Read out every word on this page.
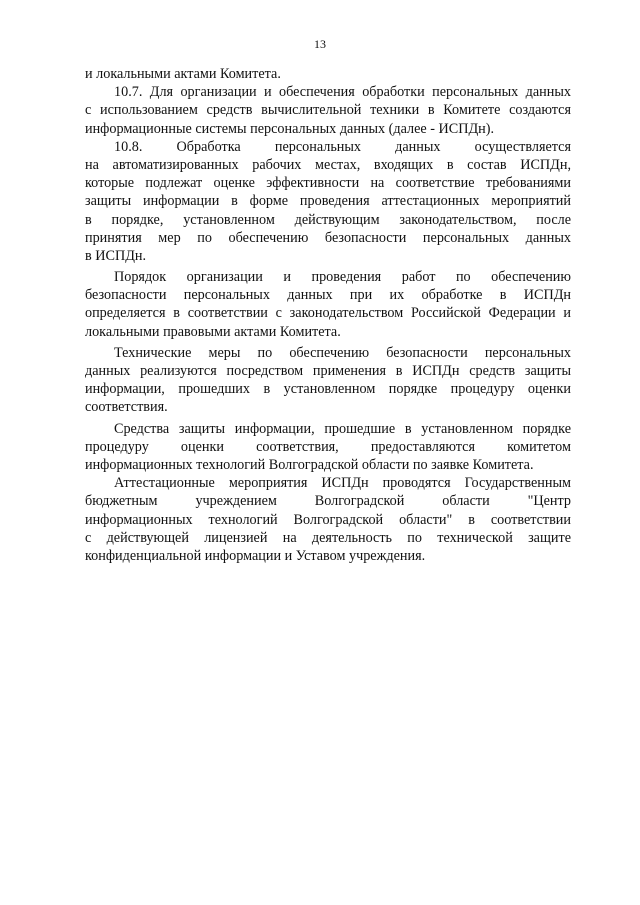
13
и локальными актами Комитета.
10.7. Для организации и обеспечения обработки персональных данных
с использованием средств вычислительной техники в Комитете создаются
информационные системы персональных данных (далее - ИСПДн).
10.8. Обработка персональных данных осуществляется
на автоматизированных рабочих местах, входящих в состав ИСПДн,
которые подлежат оценке эффективности на соответствие требованиями
защиты информации в форме проведения аттестационных мероприятий
в порядке, установленном действующим законодательством, после
принятия мер по обеспечению безопасности персональных данных
в ИСПДн.
Порядок организации и проведения работ по обеспечению
безопасности персональных данных при их обработке в ИСПДн
определяется в соответствии с законодательством Российской Федерации и
локальными правовыми актами Комитета.
Технические меры по обеспечению безопасности персональных
данных реализуются посредством применения в ИСПДн средств защиты
информации, прошедших в установленном порядке процедуру оценки
соответствия.
Средства защиты информации, прошедшие в установленном порядке
процедуру оценки соответствия, предоставляются комитетом
информационных технологий Волгоградской области по заявке Комитета.
Аттестационные мероприятия ИСПДн проводятся Государственным
бюджетным учреждением Волгоградской области "Центр
информационных технологий Волгоградской области" в соответствии
с действующей лицензией на деятельность по технической защите
конфиденциальной информации и Уставом учреждения.
